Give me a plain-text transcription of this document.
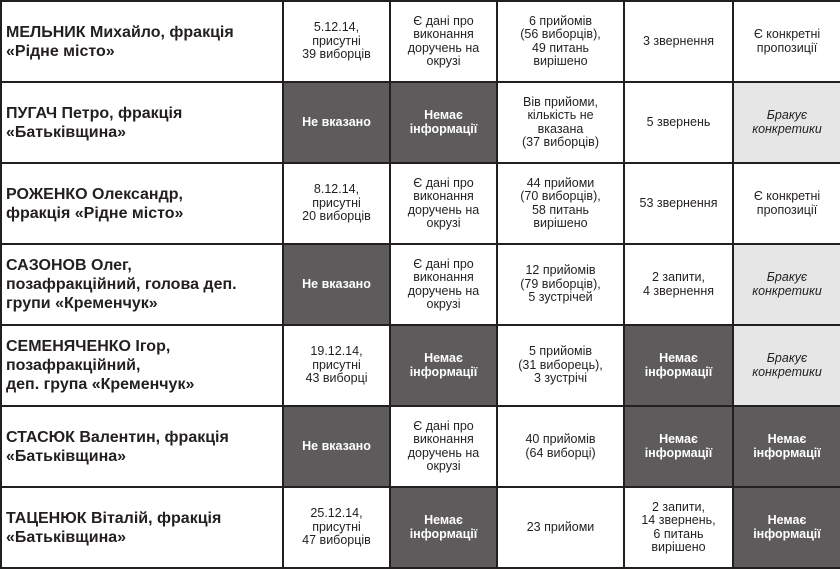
МЕЛЬНИК Михайло, фракція
«Рідне місто»	5.12.14,
присутні
39 виборців	Є дані про
виконання
доручень на
окрузі	6 прийомів
(56 виборців),
49 питань
вирішено	3 звернення	Є конкретні
пропозиції
ПУГАЧ Петро, фракція
«Батьківщина»	Не вказано	Немає
інформації	Вів прийоми,
кількість не
вказана
(37 виборців)	5 звернень	Бракує
конкретики
РОЖЕНКО Олександр,
фракція «Рідне місто»	8.12.14,
присутні
20 виборців	Є дані про
виконання
доручень на
окрузі	44 прийоми
(70 виборців),
58 питань
вирішено	53 звернення	Є конкретні
пропозиції
САЗОНОВ Олег,
позафракційний, голова деп.
групи «Кременчук»	Не вказано	Є дані про
виконання
доручень на
окрузі	12 прийомів
(79 виборців),
5 зустрічей	2 запити,
4 звернення	Бракує
конкретики
СЕМЕНЯЧЕНКО Ігор,
позафракційний,
деп. група «Кременчук»	19.12.14,
присутні
43 виборці	Немає
інформації	5 прийомів
(31 виборець),
3 зустрічі	Немає
інформації	Бракує
конкретики
СТАСЮК Валентин, фракція
«Батьківщина»	Не вказано	Є дані про
виконання
доручень на
окрузі	40 прийомів
(64 виборці)	Немає
інформації	Немає
інформації
ТАЦЕНЮК Віталій, фракція
«Батьківщина»	25.12.14,
присутні
47 виборців	Немає
інформації	23 прийоми	2 запити,
14 звернень,
6 питань
вирішено	Немає
інформації
